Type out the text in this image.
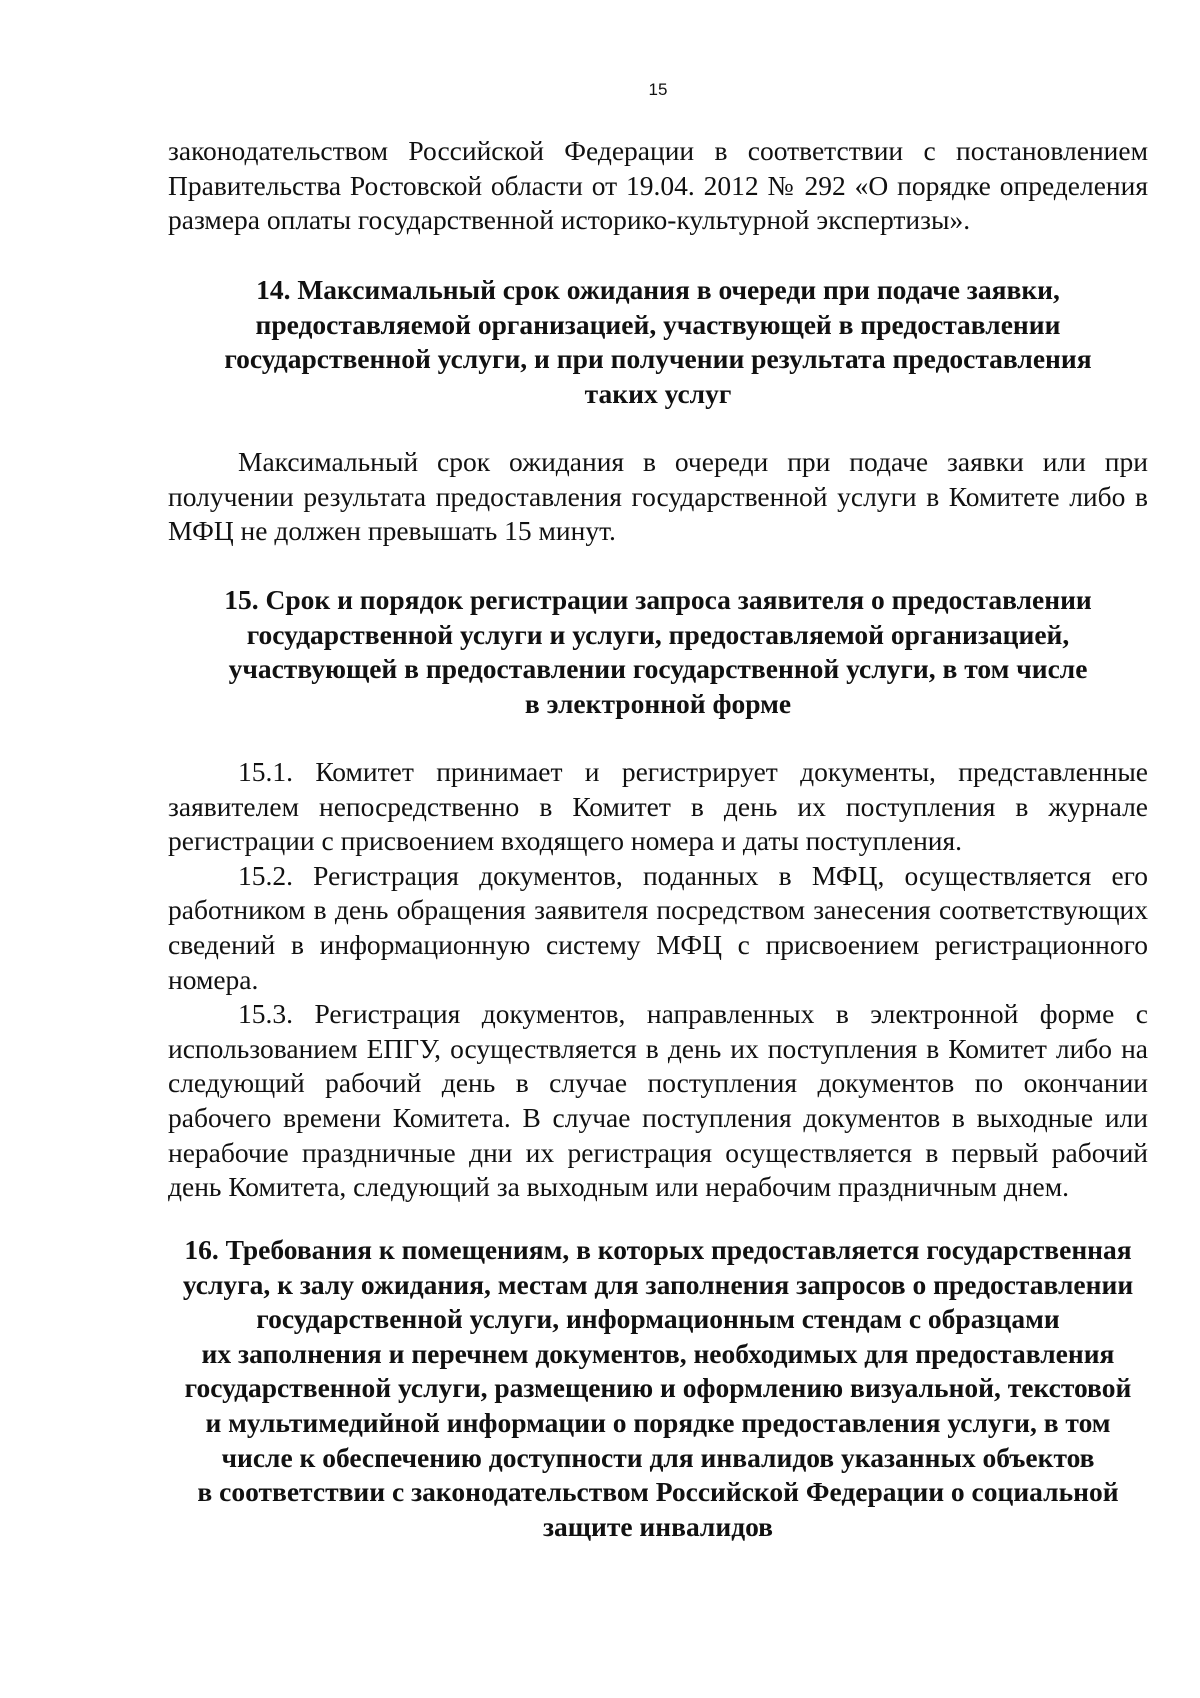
15

законодательством Российской Федерации в соответствии с постановлением Правительства Ростовской области от 19.04. 2012 № 292 «О порядке определения размера оплаты государственной историко-культурной экспертизы».

14. Максимальный срок ожидания в очереди при подаче заявки,
предоставляемой организацией, участвующей в предоставлении
государственной услуги, и при получении результата предоставления
таких услуг

Максимальный срок ожидания в очереди при подаче заявки или при получении результата предоставления государственной услуги в Комитете либо в МФЦ не должен превышать 15 минут.

15. Срок и порядок регистрации запроса заявителя о предоставлении
государственной услуги и услуги, предоставляемой организацией,
участвующей в предоставлении государственной услуги, в том числе
в электронной форме

15.1. Комитет принимает и регистрирует документы, представленные заявителем непосредственно в Комитет в день их поступления в журнале регистрации с присвоением входящего номера и даты поступления.

15.2. Регистрация документов, поданных в МФЦ, осуществляется его работником в день обращения заявителя посредством занесения соответствующих сведений в информационную систему МФЦ с присвоением регистрационного номера.

15.3. Регистрация документов, направленных в электронной форме с использованием ЕПГУ, осуществляется в день их поступления в Комитет либо на следующий рабочий день в случае поступления документов по окончании рабочего времени Комитета. В случае поступления документов в выходные или нерабочие праздничные дни их регистрация осуществляется в первый рабочий день Комитета, следующий за выходным или нерабочим праздничным днем.

16. Требования к помещениям, в которых предоставляется государственная
услуга, к залу ожидания, местам для заполнения запросов о предоставлении
государственной услуги, информационным стендам с образцами
их заполнения и перечнем документов, необходимых для предоставления
государственной услуги, размещению и оформлению визуальной, текстовой
и мультимедийной информации о порядке предоставления услуги, в том
числе к обеспечению доступности для инвалидов указанных объектов
в соответствии с законодательством Российской Федерации о социальной
защите инвалидов
